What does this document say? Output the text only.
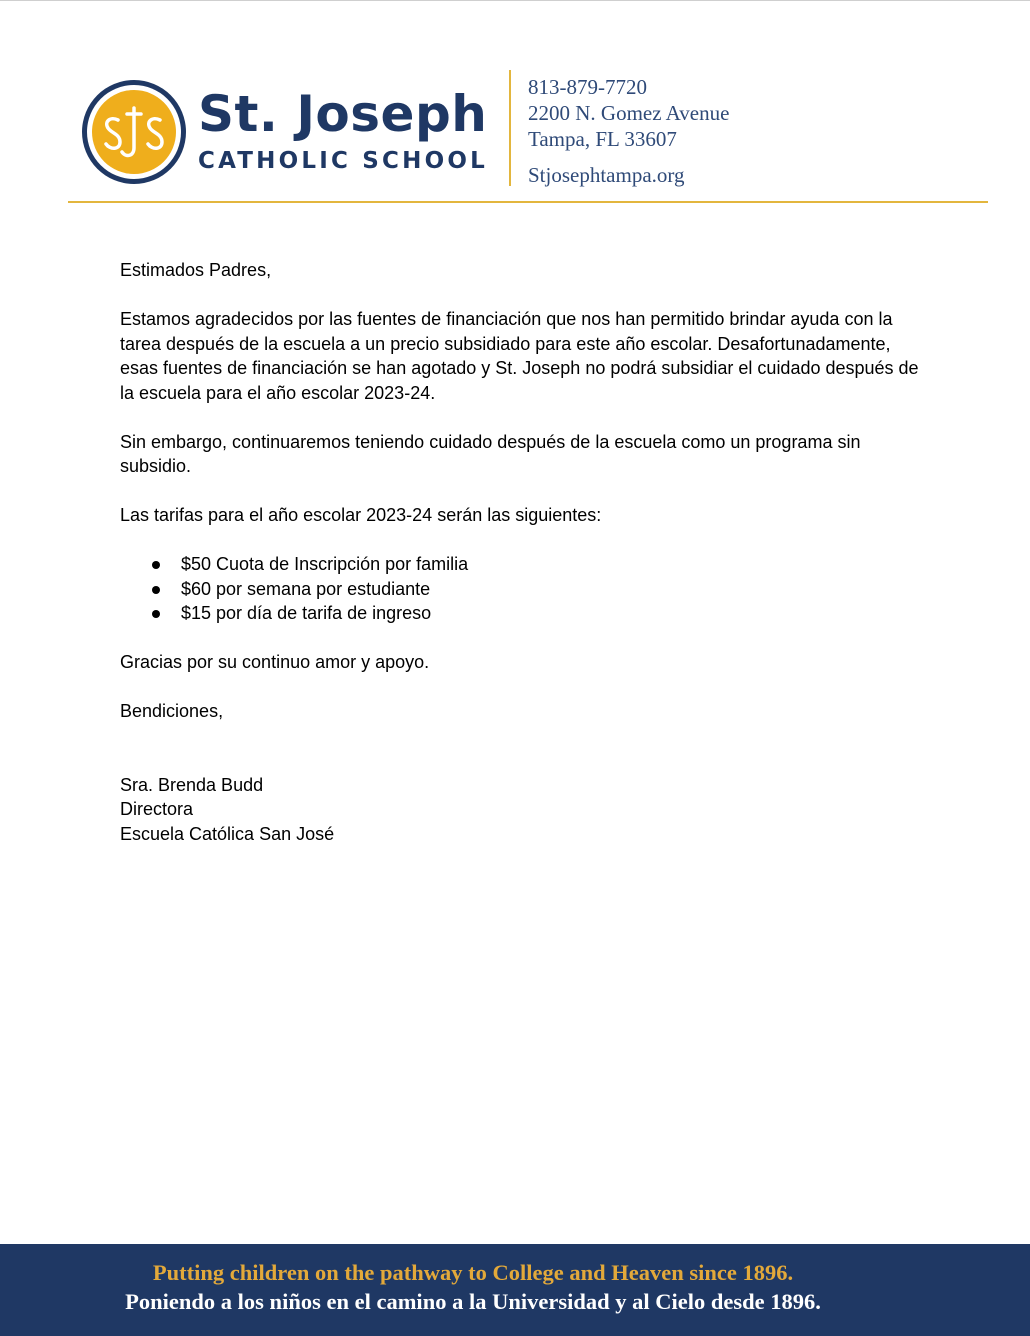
St. Joseph
CATHOLIC SCHOOL
813-879-7720
2200 N. Gomez Avenue
Tampa, FL 33607
Stjosephtampa.org

Estimados Padres,

Estamos agradecidos por las fuentes de financiación que nos han permitido brindar ayuda con la tarea después de la escuela a un precio subsidiado para este año escolar. Desafortunadamente, esas fuentes de financiación se han agotado y St. Joseph no podrá subsidiar el cuidado después de la escuela para el año escolar 2023-24.

Sin embargo, continuaremos teniendo cuidado después de la escuela como un programa sin subsidio.

Las tarifas para el año escolar 2023-24 serán las siguientes:

$50 Cuota de Inscripción por familia
$60 por semana por estudiante
$15 por día de tarifa de ingreso

Gracias por su continuo amor y apoyo.

Bendiciones,

Sra. Brenda Budd
Directora
Escuela Católica San José
Putting children on the pathway to College and Heaven since 1896.
Poniendo a los niños en el camino a la Universidad y al Cielo desde 1896.
